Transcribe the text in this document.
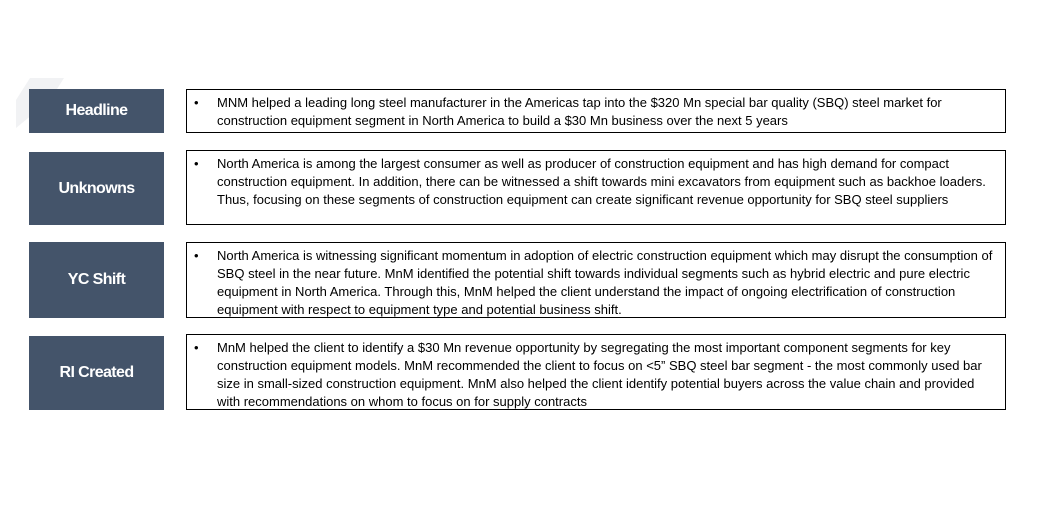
Headline	• MNM helped a leading long steel manufacturer in the Americas tap into the $320 Mn special bar quality (SBQ) steel market for construction equipment segment in North America to build a $30 Mn business over the next 5 years

Unknowns
• North America is among the largest consumer as well as producer of construction equipment and has high demand for compact construction equipment. In addition, there can be witnessed a shift towards mini excavators from equipment such as backhoe loaders. Thus, focusing on these segments of construction equipment can create significant revenue opportunity for SBQ steel suppliers

YC Shift
• North America is witnessing significant momentum in adoption of electric construction equipment which may disrupt the consumption of SBQ steel in the near future. MnM identified the potential shift towards individual segments such as hybrid electric and pure electric equipment in North America. Through this, MnM helped the client understand the impact of ongoing electrification of construction equipment with respect to equipment type and potential business shift.

RI Created
• MnM helped the client to identify a $30 Mn revenue opportunity by segregating the most important component segments for key construction equipment models. MnM recommended the client to focus on <5” SBQ steel bar segment - the most commonly used bar size in small-sized construction equipment. MnM also helped the client identify potential buyers across the value chain and provided with recommendations on whom to focus on for supply contracts
